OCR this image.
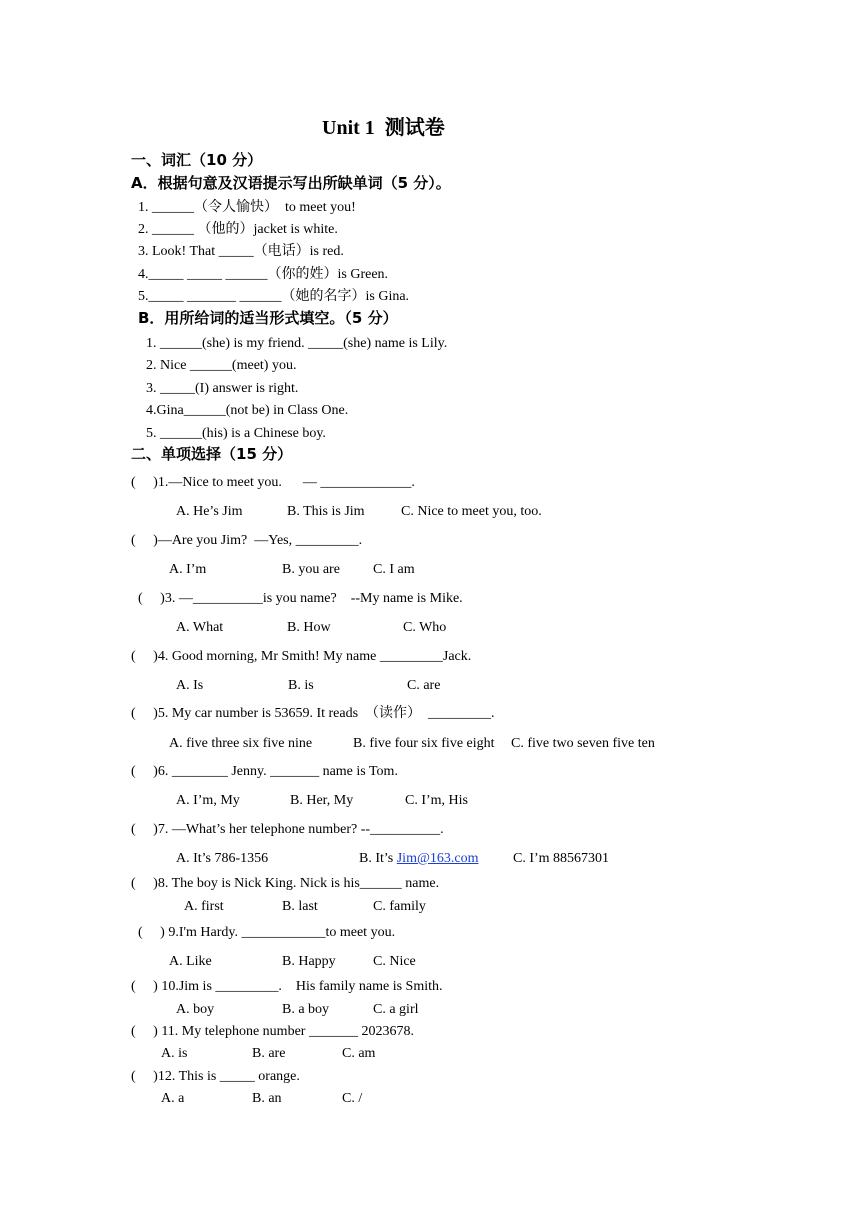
Unit 1  测试卷
一、词汇（10 分）
A．根据句意及汉语提示写出所缺单词（5 分）。
1. ______（令人愉快）  to meet you!
2. ______ （他的）jacket is white.
3. Look! That _____（电话）is red.
4._____ _____ ______（你的姓）is Green.
5._____ _______ ______（她的名字）is Gina.
B．用所给词的适当形式填空。（5 分）
1. ______(she) is my friend. _____(she) name is Lily.
2. Nice ______(meet) you.
3. _____(I) answer is right.
4.Gina______(not be) in Class One.
5. ______(his) is a Chinese boy.
二、单项选择（15 分）
(     )1.—Nice to meet you.      — _____________.
A. He’s Jim	B. This is Jim	C. Nice to meet you, too.
(     )—Are you Jim?  —Yes, _________.
A. I’m	B. you are C. I am
(     )3. —__________is you name?    --My name is Mike.
A. What	B. How	C. Who
(     )4. Good morning, Mr Smith! My name _________Jack.
A. Is	B. is	C. are
(     )5. My car number is 53659. It reads  （读作）  _________.
A. five three six five nine	B. five four six five eight C. five two seven five ten
(     )6. ________ Jenny. _______ name is Tom.
A. I’m, My	B. Her, My	C. I’m, His
(     )7. —What’s her telephone number? --__________.
A. It’s 786-1356	B. It’s Jim@163.com C. I’m 88567301
(     )8. The boy is Nick King. Nick is his______ name.
A. first	B. last	C. family
(     ) 9.I'm Hardy. ____________to meet you.
A. Like	B. Happy	C. Nice
(     ) 10.Jim is _________.    His family name is Smith.
A. boy	B. a boy	C. a girl
(     ) 11. My telephone number _______ 2023678.
A. is	B. are	C. am
(     )12. This is _____ orange.
A. a	B. an	C. /
